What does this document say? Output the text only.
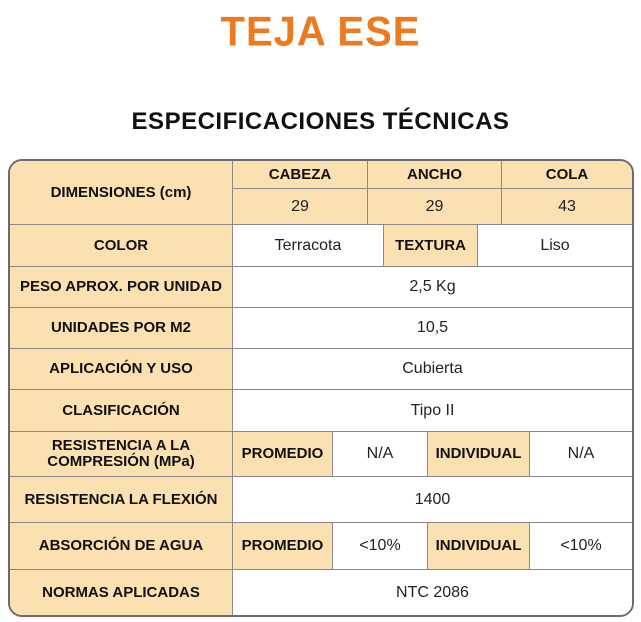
TEJA ESE
ESPECIFICACIONES TÉCNICAS
DIMENSIONES (cm)
CABEZA	ANCHO	COLA
29	29	43
COLOR	Terracota	TEXTURA	Liso
PESO APROX. POR UNIDAD	2,5 Kg
UNIDADES POR M2	10,5
APLICACIÓN Y USO	Cubierta
CLASIFICACIÓN	Tipo II
RESISTENCIA A LA
COMPRESIÓN (MPa)	PROMEDIO	N/A	INDIVIDUAL	N/A
RESISTENCIA LA FLEXIÓN	1400
ABSORCIÓN DE AGUA	PROMEDIO <10% INDIVIDUAL <10%
NORMAS APLICADAS	NTC 2086
